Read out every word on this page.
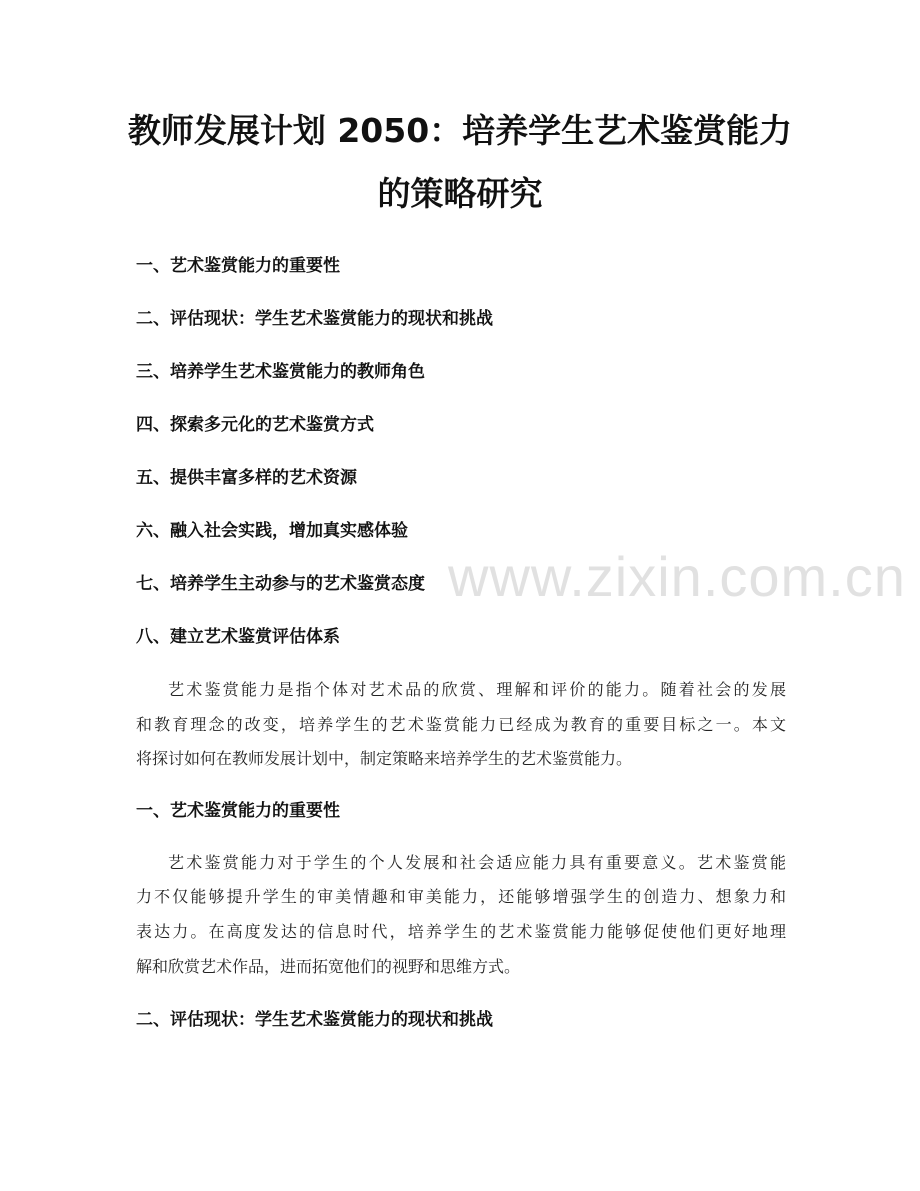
教师发展计划 2050：培养学生艺术鉴赏能力
的策略研究
一、艺术鉴赏能力的重要性
二、评估现状：学生艺术鉴赏能力的现状和挑战
三、培养学生艺术鉴赏能力的教师角色
四、探索多元化的艺术鉴赏方式
五、提供丰富多样的艺术资源
六、融入社会实践，增加真实感体验
七、培养学生主动参与的艺术鉴赏态度
八、建立艺术鉴赏评估体系
艺术鉴赏能力是指个体对艺术品的欣赏、理解和评价的能力。随着社会的发展
和教育理念的改变，培养学生的艺术鉴赏能力已经成为教育的重要目标之一。本文
将探讨如何在教师发展计划中，制定策略来培养学生的艺术鉴赏能力。
一、艺术鉴赏能力的重要性
艺术鉴赏能力对于学生的个人发展和社会适应能力具有重要意义。艺术鉴赏能
力不仅能够提升学生的审美情趣和审美能力，还能够增强学生的创造力、想象力和
表达力。在高度发达的信息时代，培养学生的艺术鉴赏能力能够促使他们更好地理
解和欣赏艺术作品，进而拓宽他们的视野和思维方式。
二、评估现状：学生艺术鉴赏能力的现状和挑战
www.zixin.com.cn
